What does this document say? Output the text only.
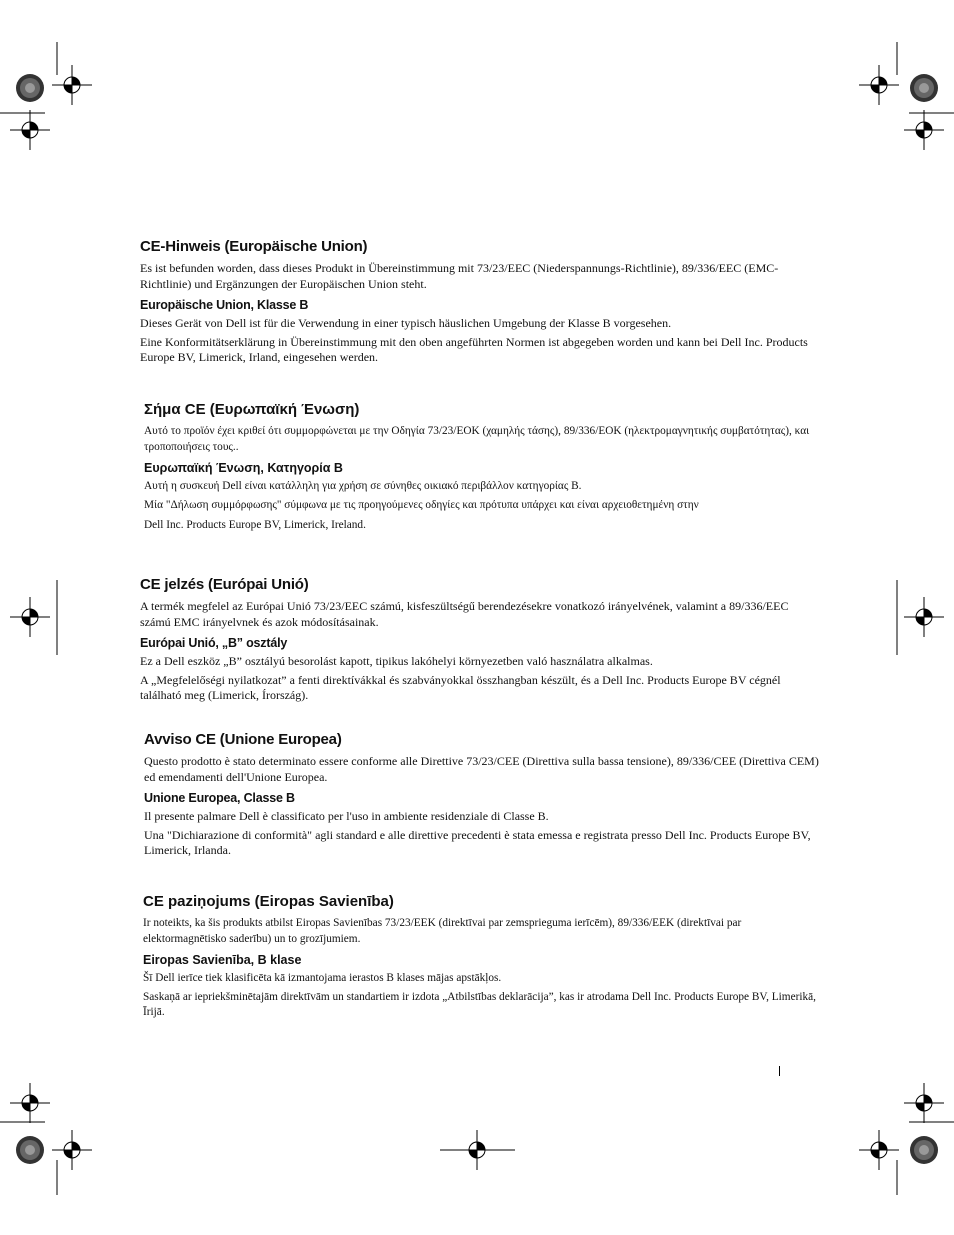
CE-Hinweis (Europäische Union)
Es ist befunden worden, dass dieses Produkt in Übereinstimmung mit 73/23/EEC (Niederspannungs-Richtlinie), 89/336/EEC (EMC-Richtlinie) und Ergänzungen der Europäischen Union steht.
Europäische Union, Klasse B
Dieses Gerät von Dell ist für die Verwendung in einer typisch häuslichen Umgebung der Klasse B vorgesehen.
Eine Konformitätserklärung in Übereinstimmung mit den oben angeführten Normen ist abgegeben worden und kann bei Dell Inc. Products Europe BV, Limerick, Irland, eingesehen werden.
Σήμα CE (Ευρωπαϊκή Ένωση)
Αυτό το προϊόν έχει κριθεί ότι συμμορφώνεται με την Οδηγία 73/23/ΕΟΚ (χαμηλής τάσης), 89/336/ΕΟΚ (ηλεκτρομαγνητικής συμβατότητας), και τροποποιήσεις τους..
Ευρωπαϊκή Ένωση, Κατηγορία Β
Αυτή η συσκευή Dell είναι κατάλληλη για χρήση σε σύνηθες οικιακό περιβάλλον κατηγορίας B.
Μία "Δήλωση συμμόρφωσης" σύμφωνα με τις προηγούμενες οδηγίες και πρότυπα υπάρχει και είναι αρχειοθετημένη στην
Dell Inc. Products Europe BV, Limerick, Ireland.
CE jelzés (Európai Unió)
A termék megfelel az Európai Unió 73/23/EEC számú, kisfeszültségű berendezésekre vonatkozó irányelvének, valamint a 89/336/EEC számú EMC irányelvnek és azok módosításainak.
Európai Unió, „B” osztály
Ez a Dell eszköz „B” osztályú besorolást kapott, tipikus lakóhelyi környezetben való használatra alkalmas.
A „Megfelelőségi nyilatkozat” a fenti direktívákkal és szabványokkal összhangban készült, és a Dell Inc. Products Europe BV cégnél található meg (Limerick, Írország).
Avviso CE (Unione Europea)
Questo prodotto è stato determinato essere conforme alle Direttive 73/23/CEE (Direttiva sulla bassa tensione), 89/336/CEE (Direttiva CEM) ed emendamenti dell'Unione Europea.
Unione Europea, Classe B
Il presente palmare Dell è classificato per l'uso in ambiente residenziale di Classe B.
Una "Dichiarazione di conformità" agli standard e alle direttive precedenti è stata emessa e registrata presso Dell Inc. Products Europe BV, Limerick, Irlanda.
CE paziņojums (Eiropas Savienība)
Ir noteikts, ka šis produkts atbilst Eiropas Savienības 73/23/EEK (direktīvai par zemsprieguma ierīcēm), 89/336/EEK (direktīvai par elektormagnētisko saderību) un to grozījumiem.
Eiropas Savienība, B klase
Šī Dell ierīce tiek klasificēta kā izmantojama ierastos B klases mājas apstākļos.
Saskaņā ar iepriekšminētajām direktīvām un standartiem ir izdota „Atbilstības deklarācija”, kas ir atrodama Dell Inc. Products Europe BV, Limerikā, Īrijā.
